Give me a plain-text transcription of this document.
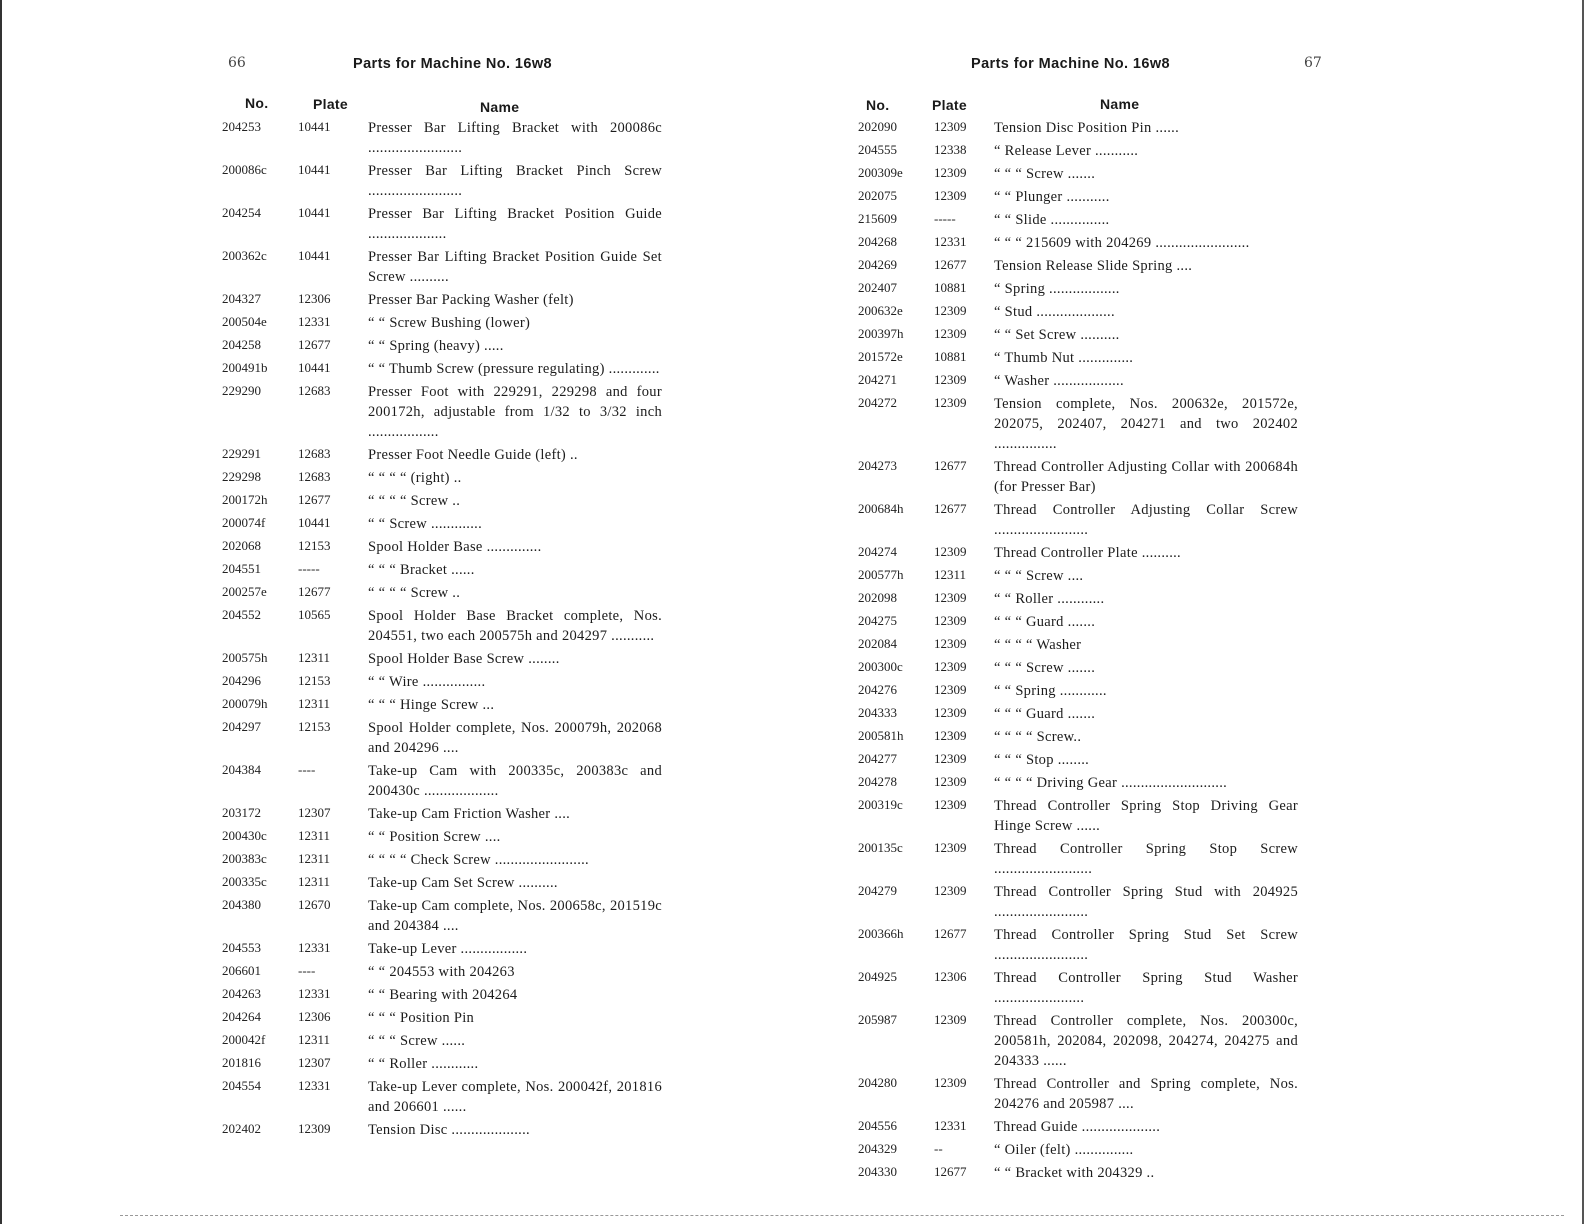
66	Parts for Machine No. 16w8
No.	Plate	Name
204253	10441	Presser Bar Lifting Bracket with 200086c ........................
200086c	10441	Presser Bar Lifting Bracket Pinch Screw ........................
204254	10441	Presser Bar Lifting Bracket Position Guide ....................
200362c	10441	Presser Bar Lifting Bracket Position Guide Set Screw ..........
204327	12306	Presser Bar Packing Washer (felt)
200504e	12331	“ “ Screw Bushing (lower)
204258	12677	“ “ Spring (heavy) .....
200491b	10441	“ “ Thumb Screw (pressure regulating) .............
229290	12683	Presser Foot with 229291, 229298 and four 200172h, adjustable from 1/32 to 3/32 inch ..................
229291	12683	Presser Foot Needle Guide (left) ..
229298	12683	“ “ “ “ (right) ..
200172h	12677	“ “ “ “ Screw ..
200074f	10441	“ “ Screw .............
202068	12153	Spool Holder Base ..............
204551	-----	“ “ “ Bracket ......
200257e	12677	“ “ “ “ Screw ..
204552	10565	Spool Holder Base Bracket complete, Nos. 204551, two each 200575h and 204297 ...........
200575h	12311	Spool Holder Base Screw ........
204296	12153	“ “ Wire ................
200079h	12311	“ “ “ Hinge Screw ...
204297	12153	Spool Holder complete, Nos. 200079h, 202068 and 204296 ....
204384	----	Take-up Cam with 200335c, 200383c and 200430c ...................
203172	12307	Take-up Cam Friction Washer ....
200430c	12311	“ “ Position Screw ....
200383c	12311	“ “ “ “ Check Screw ........................
200335c	12311	Take-up Cam Set Screw ..........
204380	12670	Take-up Cam complete, Nos. 200658c, 201519c and 204384 ....
204553	12331	Take-up Lever .................
206601	----	“ “ 204553 with 204263
204263	12331	“ “ Bearing with 204264
204264	12306	“ “ “ Position Pin
200042f	12311	“ “ “ Screw ......
201816	12307	“ “ Roller ............
204554	12331	Take-up Lever complete, Nos. 200042f, 201816 and 206601 ......
202402	12309	Tension Disc ....................
67
Parts for Machine No. 16w8
No.	Plate	Name
202090	12309	Tension Disc Position Pin ......
204555	12338	“ Release Lever ...........
200309e	12309	“ “ “ Screw .......
202075	12309	“ “ Plunger ...........
215609	-----	“ “ Slide ...............
204268	12331	“ “ “ 215609 with 204269 ........................
204269	12677	Tension Release Slide Spring ....
202407	10881	“ Spring ..................
200632e	12309	“ Stud ....................
200397h	12309	“ “ Set Screw ..........
201572e	10881	“ Thumb Nut ..............
204271	12309	“ Washer ..................
204272	12309	Tension complete, Nos. 200632e, 201572e, 202075, 202407, 204271 and two 202402 ................
204273	12677	Thread Controller Adjusting Collar with 200684h (for Presser Bar)
200684h	12677	Thread Controller Adjusting Collar Screw ........................
204274	12309	Thread Controller Plate ..........
200577h	12311	“ “ “ Screw ....
202098	12309	“ “ Roller ............
204275	12309	“ “ “ Guard .......
202084	12309	“ “ “ “ Washer
200300c	12309	“ “ “ Screw .......
204276	12309	“ “ Spring ............
204333	12309	“ “ “ Guard .......
200581h	12309	“ “ “ “ Screw..
204277	12309	“ “ “ Stop ........
204278	12309	“ “ “ “ Driving Gear ...........................
200319c	12309	Thread Controller Spring Stop Driving Gear Hinge Screw ......
200135c	12309	Thread Controller Spring Stop Screw .........................
204279	12309	Thread Controller Spring Stud with 204925 ........................
200366h	12677	Thread Controller Spring Stud Set Screw ........................
204925	12306	Thread Controller Spring Stud Washer .......................
205987	12309	Thread Controller complete, Nos. 200300c, 200581h, 202084, 202098, 204274, 204275 and 204333 ......
204280	12309	Thread Controller and Spring complete, Nos. 204276 and 205987 ....
204556	12331	Thread Guide ....................
204329	--	“ Oiler (felt) ...............
204330	12677	“ “ Bracket with 204329 ..
